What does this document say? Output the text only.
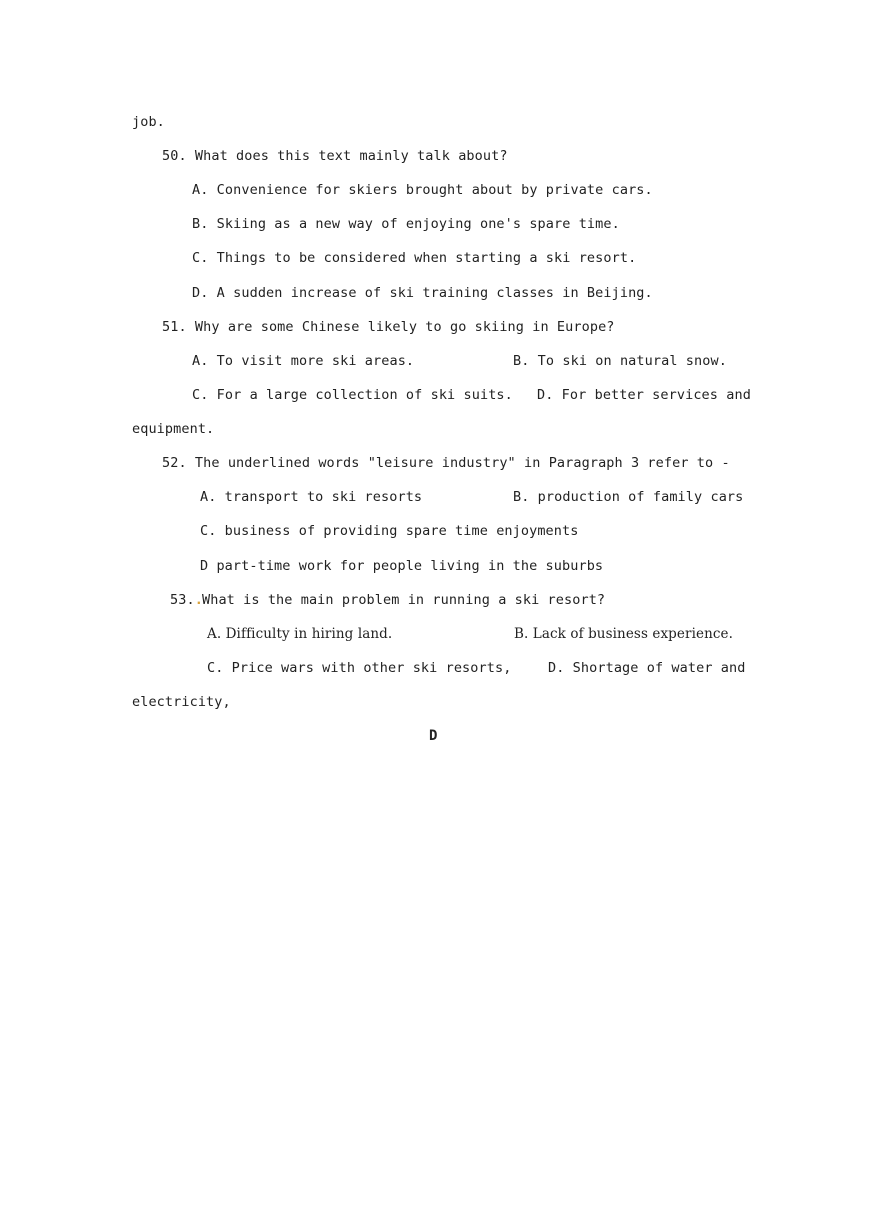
job.
50. What does this text mainly talk about?
A. Convenience for skiers brought about by private cars.
B. Skiing as a new way of enjoying one's spare time.
C. Things to be considered when starting a ski resort.
D. A sudden increase of ski training classes in Beijing.
51. Why are some Chinese likely to go skiing in Europe?
A. To visit more ski areas.	B. To ski on natural snow.
C. For a large collection of ski suits. D. For better services and
equipment.
52. The underlined words "leisure industry" in Paragraph 3 refer to -
A. transport to ski resorts	B. production of family cars
C. business of providing spare time enjoyments
D part-time work for people living in the suburbs
53.. What is the main problem in running a ski resort?
A. Difficulty in hiring land.	B. Lack of business experience.
C. Price wars with other ski resorts,	D. Shortage of water and
electricity,
D
